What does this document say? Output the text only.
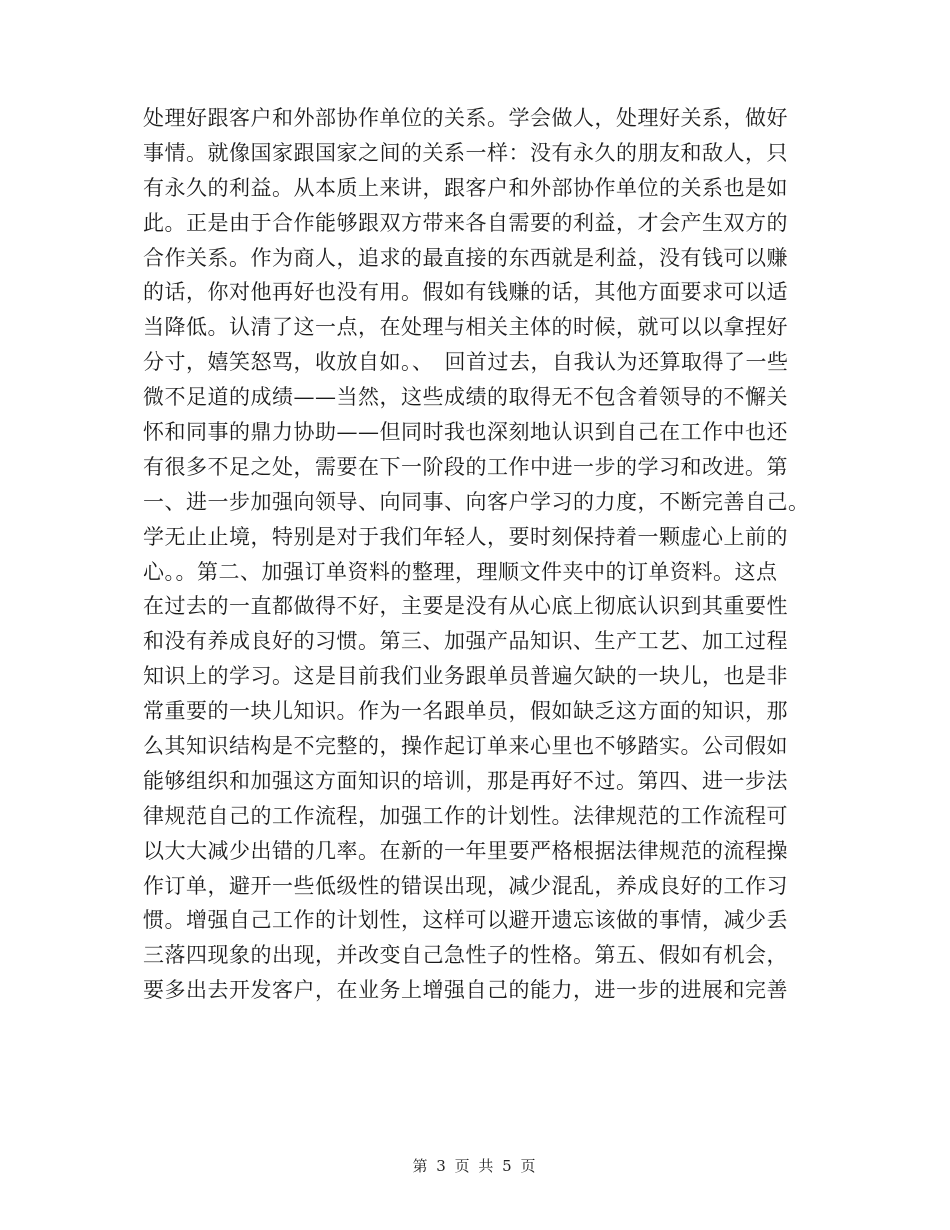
处理好跟客户和外部协作单位的关系。学会做人，处理好关系，做好
事情。就像国家跟国家之间的关系一样：没有永久的朋友和敌人，只
有永久的利益。从本质上来讲，跟客户和外部协作单位的关系也是如
此。正是由于合作能够跟双方带来各自需要的利益，才会产生双方的
合作关系。作为商人，追求的最直接的东西就是利益，没有钱可以赚
的话，你对他再好也没有用。假如有钱赚的话，其他方面要求可以适
当降低。认清了这一点，在处理与相关主体的时候，就可以以拿捏好
分寸，嬉笑怒骂，收放自如。、　回首过去，自我认为还算取得了一些
微不足道的成绩——当然，这些成绩的取得无不包含着领导的不懈关
怀和同事的鼎力协助——但同时我也深刻地认识到自己在工作中也还
有很多不足之处，需要在下一阶段的工作中进一步的学习和改进。第
一、进一步加强向领导、向同事、向客户学习的力度，不断完善自己。
学无止止境，特别是对于我们年轻人，要时刻保持着一颗虚心上前的
心。。第二、加强订单资料的整理，理顺文件夹中的订单资料。这点
在过去的一直都做得不好，主要是没有从心底上彻底认识到其重要性
和没有养成良好的习惯。第三、加强产品知识、生产工艺、加工过程
知识上的学习。这是目前我们业务跟单员普遍欠缺的一块儿，也是非
常重要的一块儿知识。作为一名跟单员，假如缺乏这方面的知识，那
么其知识结构是不完整的，操作起订单来心里也不够踏实。公司假如
能够组织和加强这方面知识的培训，那是再好不过。第四、进一步法
律规范自己的工作流程，加强工作的计划性。法律规范的工作流程可
以大大减少出错的几率。在新的一年里要严格根据法律规范的流程操
作订单，避开一些低级性的错误出现，减少混乱，养成良好的工作习
惯。增强自己工作的计划性，这样可以避开遗忘该做的事情，减少丢
三落四现象的出现，并改变自己急性子的性格。第五、假如有机会，
要多出去开发客户，在业务上增强自己的能力，进一步的进展和完善
第 3 页 共 5 页
